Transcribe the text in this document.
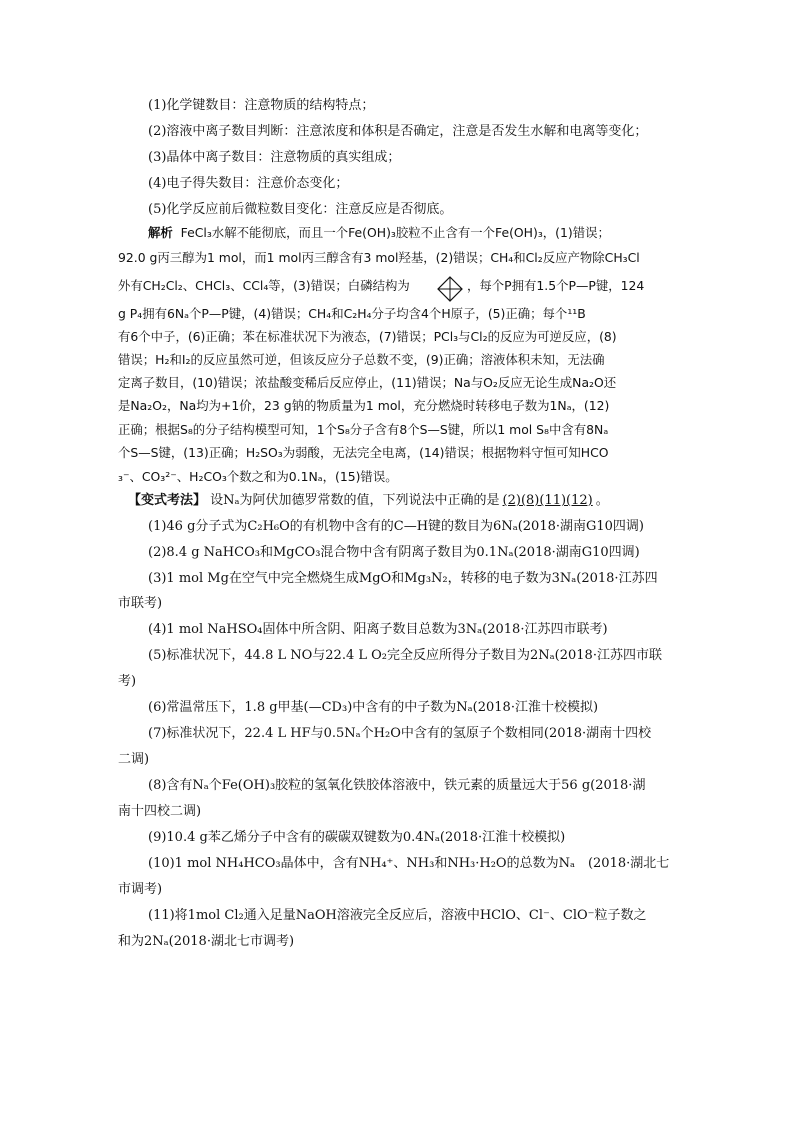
(1)化学键数目：注意物质的结构特点；
(2)溶液中离子数目判断：注意浓度和体积是否确定，注意是否发生水解和电离等变化；
(3)晶体中离子数目：注意物质的真实组成；
(4)电子得失数目：注意价态变化；
(5)化学反应前后微粒数目变化：注意反应是否彻底。
解析 FeCl₃水解不能彻底，而且一个Fe(OH)₃胶粒不止含有一个Fe(OH)₃，(1)错误；
92.0 g丙三醇为1 mol，而1 mol丙三醇含有3 mol羟基，(2)错误；CH₄和Cl₂反应产物除CH₃Cl
外有CH₂Cl₂、CHCl₃、CCl₄等，(3)错误；白磷结构为	，每个P拥有1.5个P—P键，124
g P₄拥有6Nₐ个P—P键，(4)错误；CH₄和C₂H₄分子均含4个H原子，(5)正确；每个¹¹B
有6个中子，(6)正确；苯在标准状况下为液态，(7)错误；PCl₃与Cl₂的反应为可逆反应，(8)
错误；H₂和I₂的反应虽然可逆，但该反应分子总数不变，(9)正确；溶液体积未知，无法确
定离子数目，(10)错误；浓盐酸变稀后反应停止，(11)错误；Na与O₂反应无论生成Na₂O还
是Na₂O₂，Na均为+1价，23 g钠的物质量为1 mol，充分燃烧时转移电子数为1Nₐ，(12)
正确；根据S₈的分子结构模型可知，1个S₈分子含有8个S—S键，所以1 mol S₈中含有8Nₐ
个S—S键，(13)正确；H₂SO₃为弱酸，无法完全电离，(14)错误；根据物料守恒可知HCO
₃⁻、CO₃²⁻、H₂CO₃个数之和为0.1Nₐ，(15)错误。
【变式考法】 设Nₐ为阿伏加德罗常数的值，下列说法中正确的是 (2)(8)(11)(12) 。
(1)46 g分子式为C₂H₆O的有机物中含有的C—H键的数目为6Nₐ(2018·湖南G10四调)
(2)8.4 g NaHCO₃和MgCO₃混合物中含有阴离子数目为0.1Nₐ(2018·湖南G10四调)
(3)1 mol Mg在空气中完全燃烧生成MgO和Mg₃N₂，转移的电子数为3Nₐ(2018·江苏四
市联考)
(4)1 mol NaHSO₄固体中所含阴、阳离子数目总数为3Nₐ(2018·江苏四市联考)
(5)标准状况下，44.8 L NO与22.4 L O₂完全反应所得分子数目为2Nₐ(2018·江苏四市联
考)
(6)常温常压下，1.8 g甲基(—CD₃)中含有的中子数为Nₐ(2018·江淮十校模拟)
(7)标准状况下，22.4 L HF与0.5Nₐ个H₂O中含有的氢原子个数相同(2018·湖南十四校
二调)
(8)含有Nₐ个Fe(OH)₃胶粒的氢氧化铁胶体溶液中，铁元素的质量远大于56 g(2018·湖
南十四校二调)
(9)10.4 g苯乙烯分子中含有的碳碳双键数为0.4Nₐ(2018·江淮十校模拟)
(10)1 mol NH₄HCO₃晶体中，含有NH₄⁺、NH₃和NH₃·H₂O的总数为Nₐ　(2018·湖北七
市调考)
(11)将1mol Cl₂通入足量NaOH溶液完全反应后，溶液中HClO、Cl⁻、ClO⁻粒子数之
和为2Nₐ(2018·湖北七市调考)
